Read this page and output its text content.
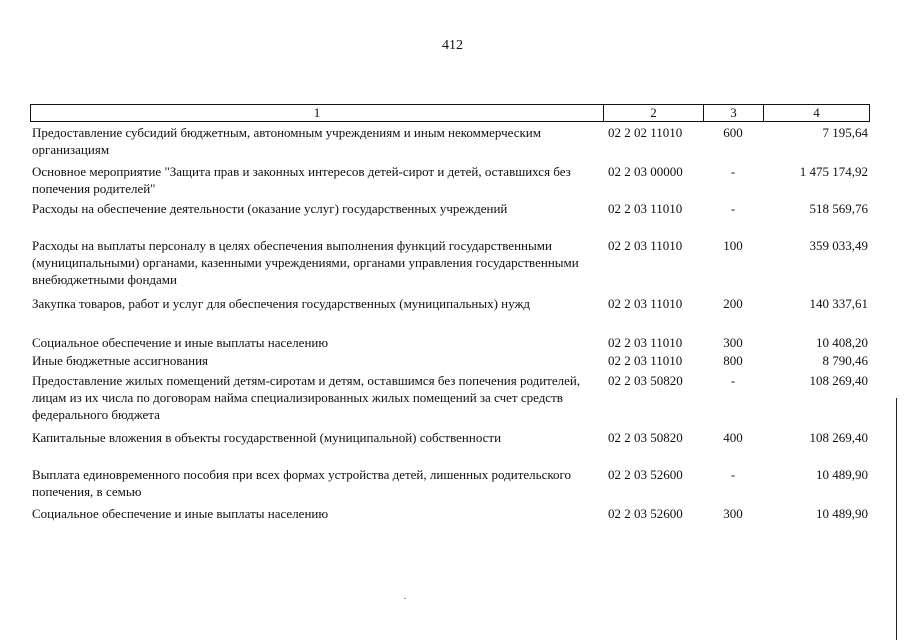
412
1	2	3	4
Предоставление субсидий бюджетным, автономным учреждениям и иным некоммерческим организациям
02 2 02 11010	600	7 195,64
Основное мероприятие "Защита прав и законных интересов детей-сирот и детей, оставшихся без попечения родителей"
02 2 03 00000	-	1 475 174,92
Расходы на обеспечение деятельности (оказание услуг) государственных учреждений	02 2 03 11010	-	518 569,76
Расходы на выплаты персоналу в целях обеспечения выполнения функций государственными (муниципальными) органами, казенными учреждениями, органами управления государственными внебюджетными фондами
02 2 03 11010	100	359 033,49
Закупка товаров, работ и услуг для обеспечения государственных (муниципальных) нужд	02 2 03 11010	200	140 337,61
Социальное обеспечение и иные выплаты населению	02 2 03 11010	300	10 408,20
Иные бюджетные ассигнования	02 2 03 11010	800	8 790,46
Предоставление жилых помещений детям-сиротам и детям, оставшимся без попечения родителей, лицам из их числа по договорам найма специализированных жилых помещений за счет средств федерального бюджета
02 2 03 50820	-	108 269,40
Капитальные вложения в объекты государственной (муниципальной) собственности	02 2 03 50820	400	108 269,40
Выплата единовременного пособия при всех формах устройства детей, лишенных родительского попечения, в семью
02 2 03 52600	-	10 489,90
Социальное обеспечение и иные выплаты населению	02 2 03 52600	300	10 489,90
